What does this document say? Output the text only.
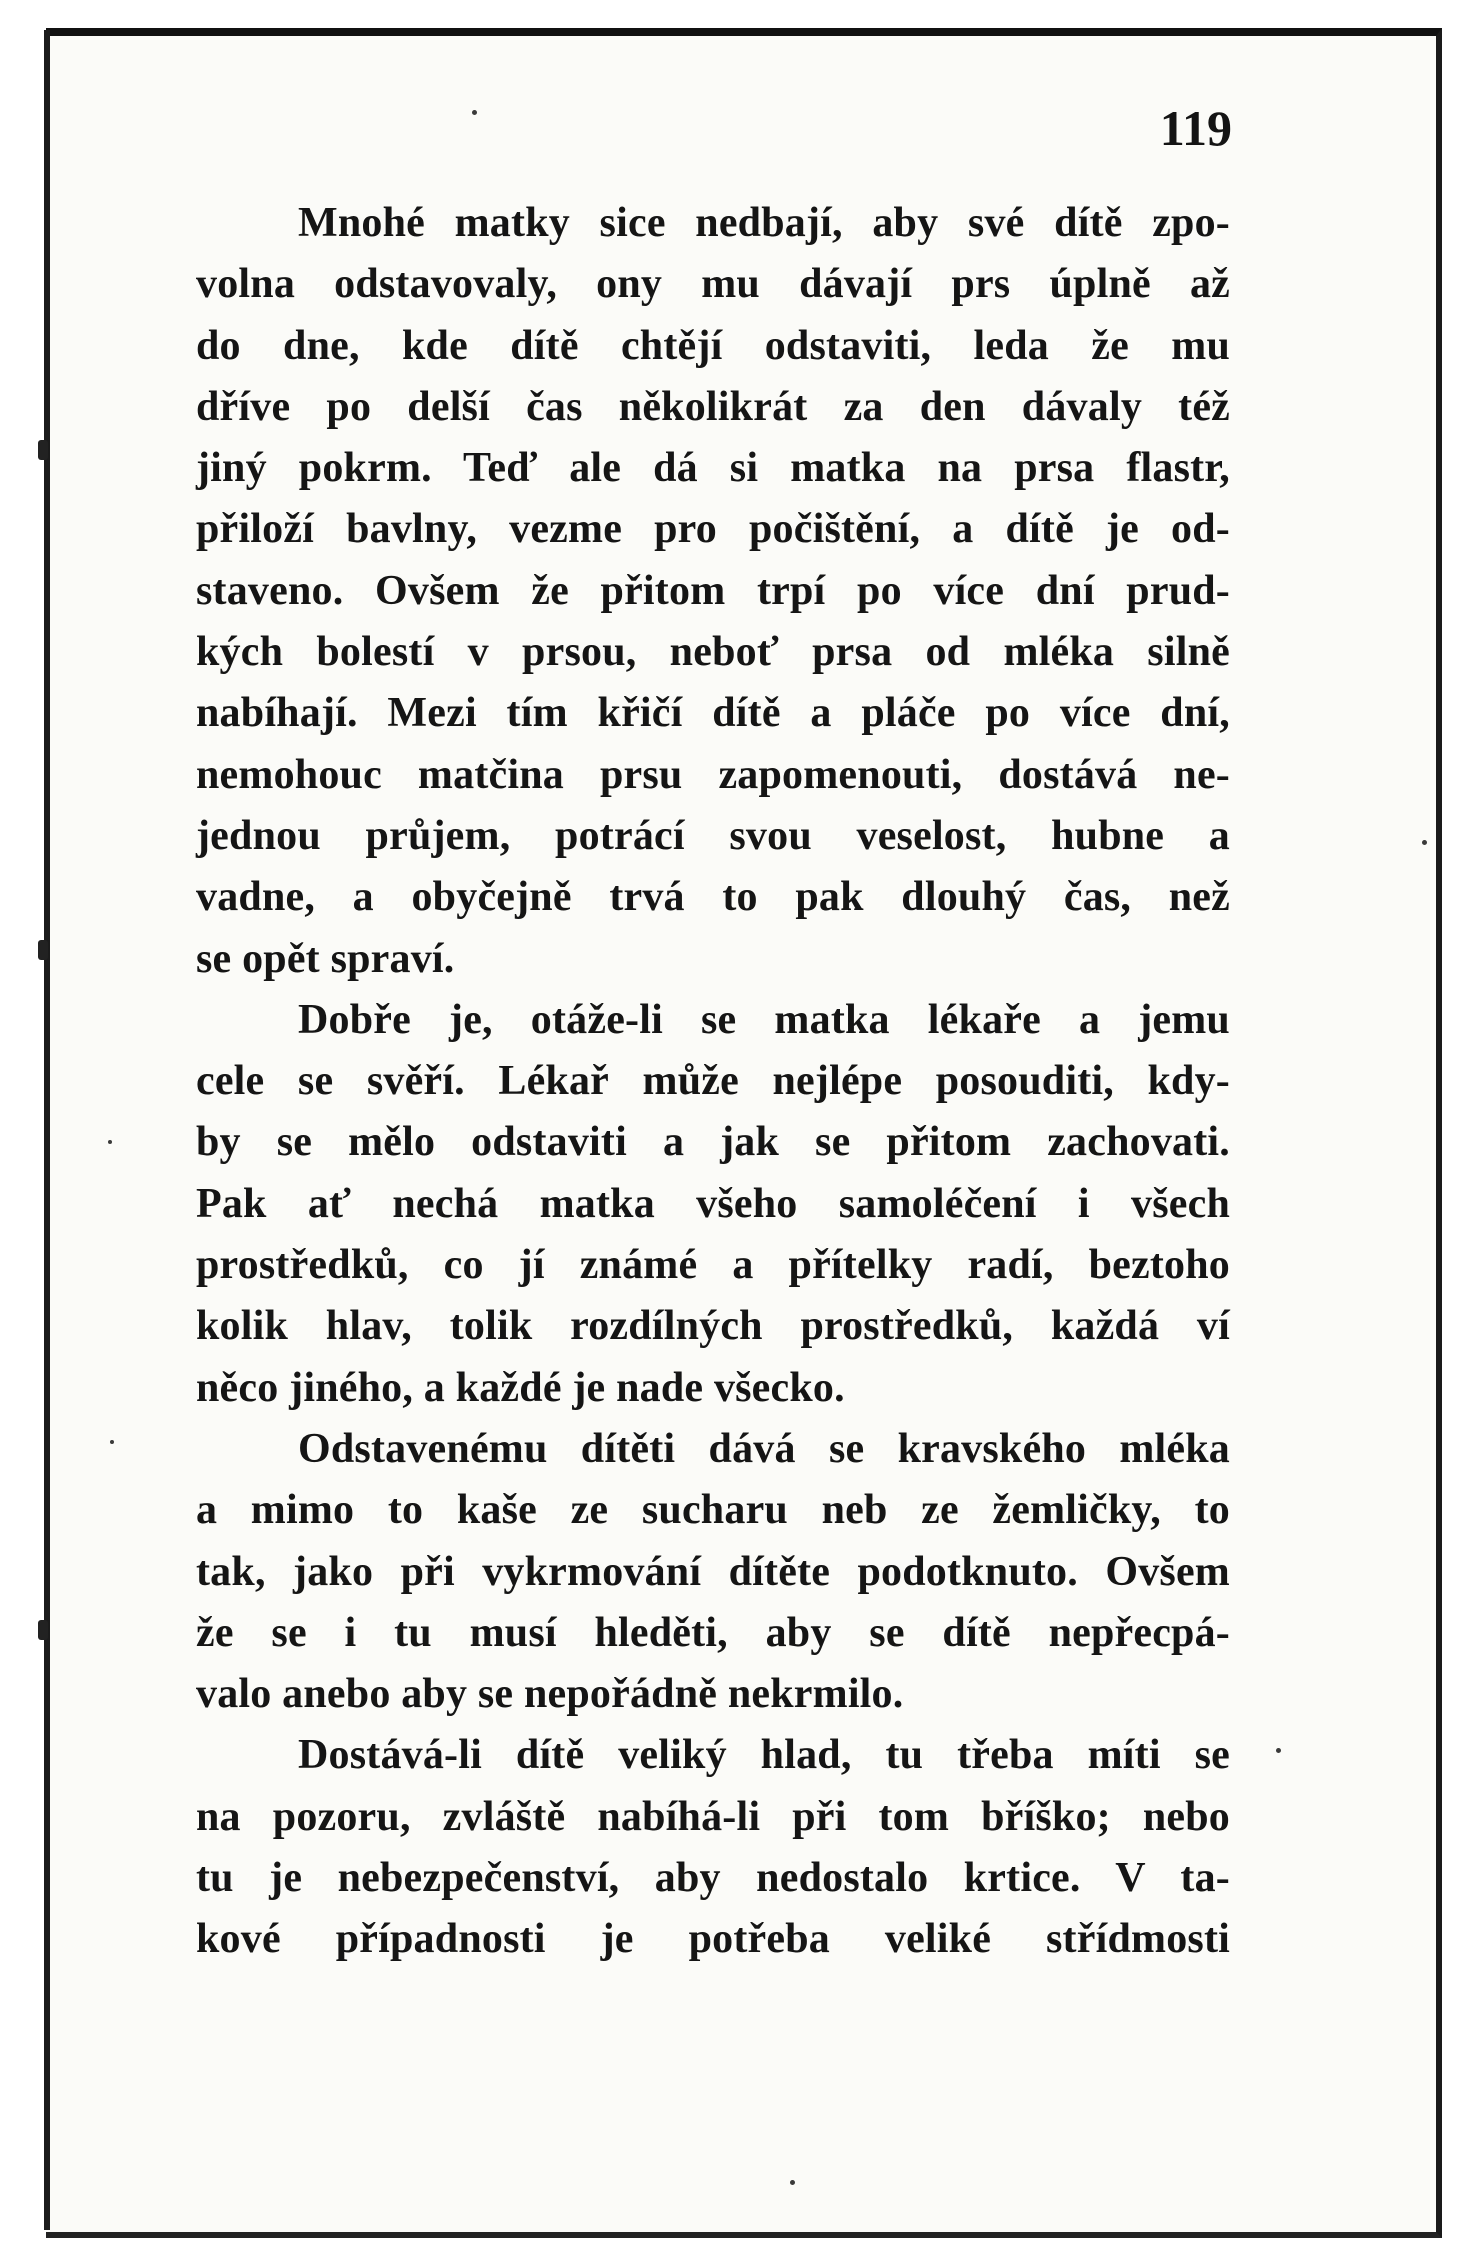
119
Mnohé matky sice nedbají, aby své dítě zpo-
volna odstavovaly, ony mu dávají prs úplně až
do dne, kde dítě chtějí odstaviti, leda že mu
dříve po delší čas několikrát za den dávaly též
jiný pokrm. Teď ale dá si matka na prsa flastr,
přiloží bavlny, vezme pro počištění, a dítě je od-
staveno. Ovšem že přitom trpí po více dní prud-
kých bolestí v prsou, neboť prsa od mléka silně
nabíhají. Mezi tím křičí dítě a pláče po více dní,
nemohouc matčina prsu zapomenouti, dostává ne-
jednou průjem, potrácí svou veselost, hubne a
vadne, a obyčejně trvá to pak dlouhý čas, než
se opět spraví.
Dobře je, otáže-li se matka lékaře a jemu
cele se svěří. Lékař může nejlépe posouditi, kdy-
by se mělo odstaviti a jak se přitom zachovati.
Pak ať nechá matka všeho samoléčení i všech
prostředků, co jí známé a přítelky radí, beztoho
kolik hlav, tolik rozdílných prostředků, každá ví
něco jiného, a každé je nade všecko.
Odstavenému dítěti dává se kravského mléka
a mimo to kaše ze sucharu neb ze žemličky, to
tak, jako při vykrmování dítěte podotknuto. Ovšem
že se i tu musí hleděti, aby se dítě nepřecpá-
valo anebo aby se nepořádně nekrmilo.
Dostává-li dítě veliký hlad, tu třeba míti se
na pozoru, zvláště nabíhá-li při tom bříško; nebo
tu je nebezpečenství, aby nedostalo krtice. V ta-
kové případnosti je potřeba veliké střídmosti
